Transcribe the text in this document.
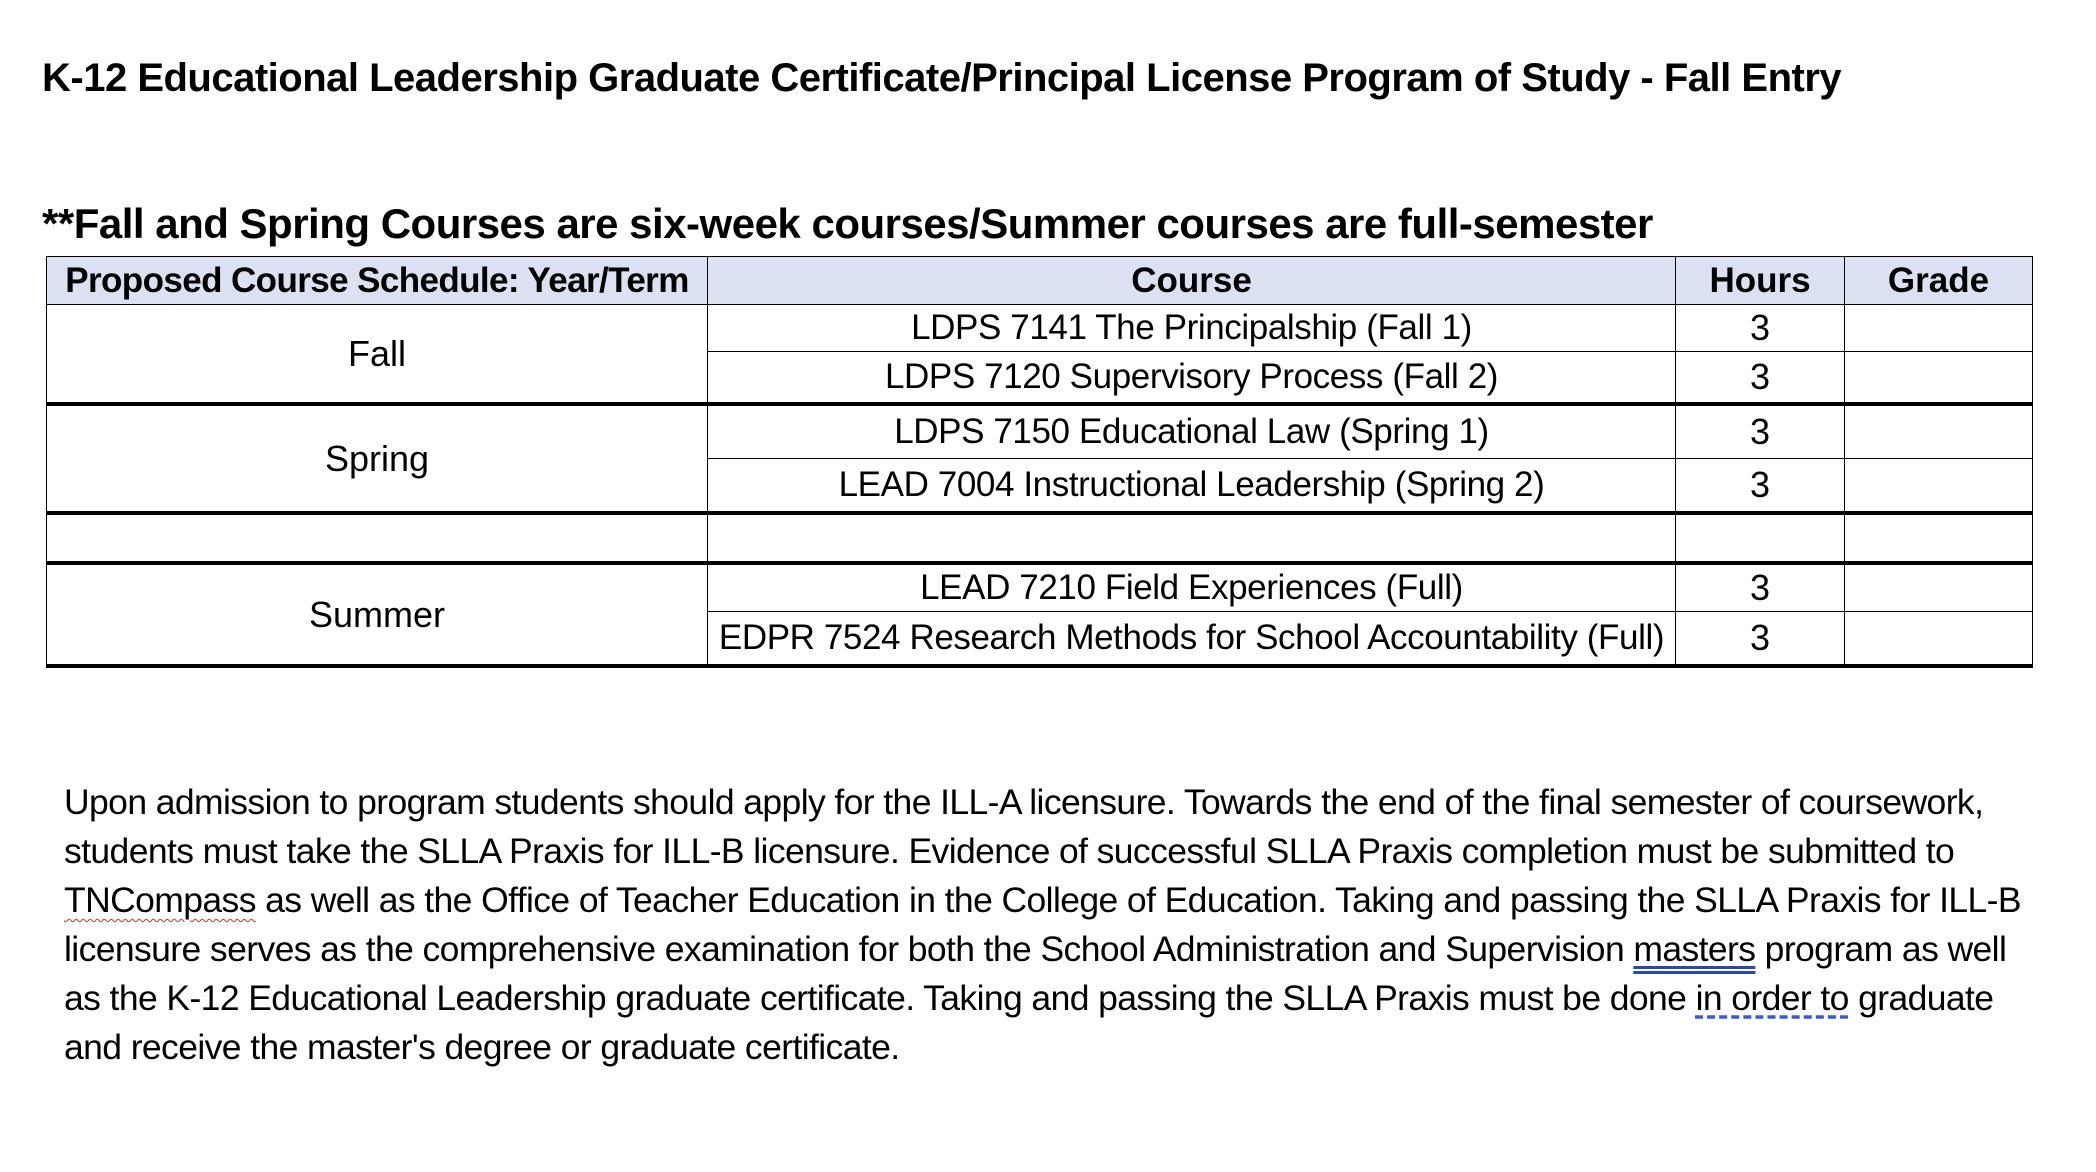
K-12 Educational Leadership Graduate Certificate/Principal License Program of Study - Fall Entry
**Fall and Spring Courses are six-week courses/Summer courses are full-semester
Proposed Course Schedule: Year/Term	Course	Hours	Grade
Fall	LDPS 7141 The Principalship (Fall 1)	3	
	LDPS 7120 Supervisory Process (Fall 2)	3	
Spring	LDPS 7150 Educational Law (Spring 1)	3	
	LEAD 7004 Instructional Leadership (Spring 2)	3	

Summer	LEAD 7210 Field Experiences (Full)	3	
	EDPR 7524 Research Methods for School Accountability (Full)	3	
Upon admission to program students should apply for the ILL-A licensure. Towards the end of the final semester of coursework,
students must take the SLLA Praxis for ILL-B licensure. Evidence of successful SLLA Praxis completion must be submitted to
TNCompass as well as the Office of Teacher Education in the College of Education. Taking and passing the SLLA Praxis for ILL-B
licensure serves as the comprehensive examination for both the School Administration and Supervision masters program as well
as the K-12 Educational Leadership graduate certificate. Taking and passing the SLLA Praxis must be done in order to graduate
and receive the master's degree or graduate certificate.
